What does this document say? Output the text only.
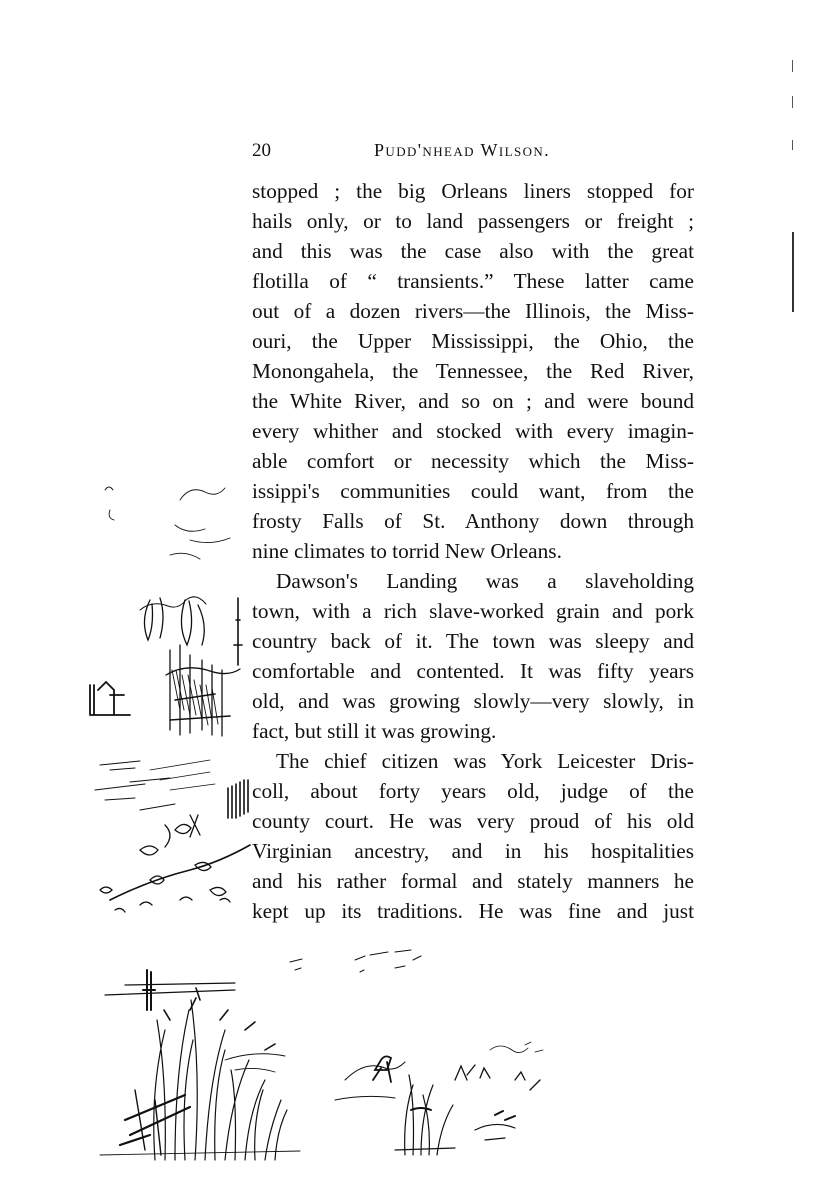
20	Pudd'nhead Wilson.
stopped ; the big Orleans liners stopped for
hails only, or to land passengers or freight ;
and this was the case also with the great
flotilla of “ transients.” These latter came
out of a dozen rivers—the Illinois, the Miss-
ouri, the Upper Mississippi, the Ohio, the
Monongahela, the Tennessee, the Red River,
the White River, and so on ; and were bound
every whither and stocked with every imagin-
able comfort or necessity which the Miss-
issippi's communities could want, from the
frosty Falls of St. Anthony down through
nine climates to torrid New Orleans.
Dawson's Landing was a slaveholding
town, with a rich slave-worked grain and pork
country back of it. The town was sleepy and
comfortable and contented. It was fifty years
old, and was growing slowly—very slowly, in
fact, but still it was growing.
The chief citizen was York Leicester Dris-
coll, about forty years old, judge of the
county court. He was very proud of his old
Virginian ancestry, and in his hospitalities
and his rather formal and stately manners he
kept up its traditions. He was fine and just
